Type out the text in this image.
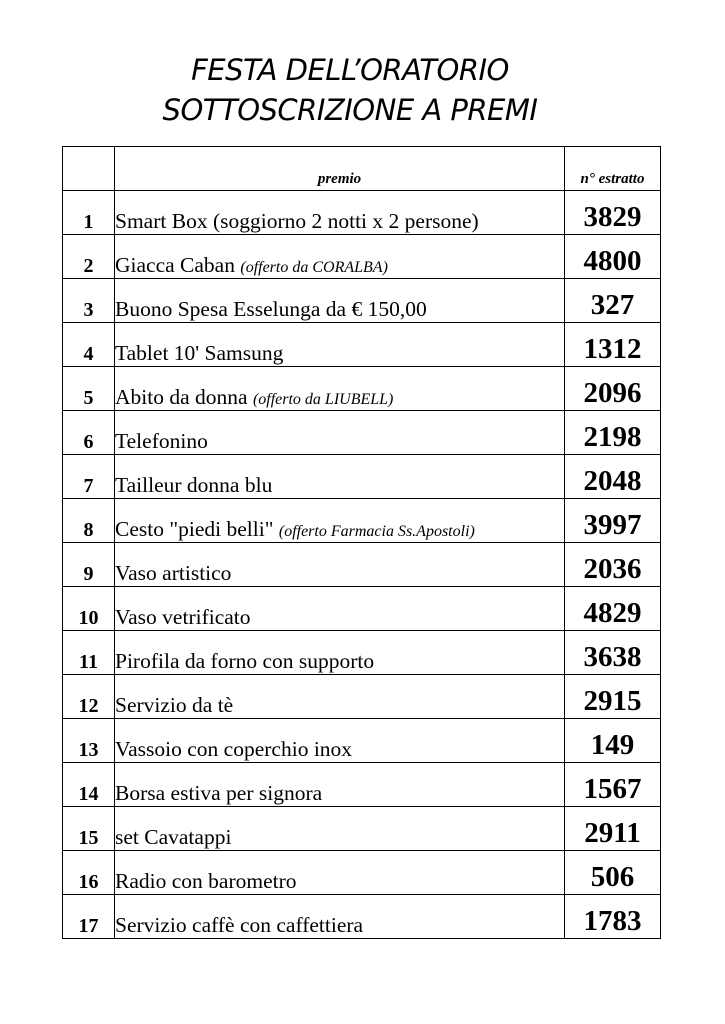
FESTA DELL’ORATORIO
SOTTOSCRIZIONE A PREMI
	premio	n° estratto
1	Smart Box (soggiorno 2 notti x 2 persone)	3829
2	Giacca Caban (offerto da CORALBA)	4800
3	Buono Spesa Esselunga da € 150,00	327
4	Tablet 10' Samsung	1312
5	Abito da donna (offerto da LIUBELL)	2096
6	Telefonino	2198
7	Tailleur donna blu	2048
8	Cesto "piedi belli" (offerto Farmacia Ss.Apostoli)	3997
9	Vaso artistico	2036
10	Vaso vetrificato	4829
11	Pirofila da forno con supporto	3638
12	Servizio da tè	2915
13	Vassoio con coperchio inox	149
14	Borsa estiva per signora	1567
15	set Cavatappi	2911
16	Radio con barometro	506
17	Servizio caffè con caffettiera	1783
